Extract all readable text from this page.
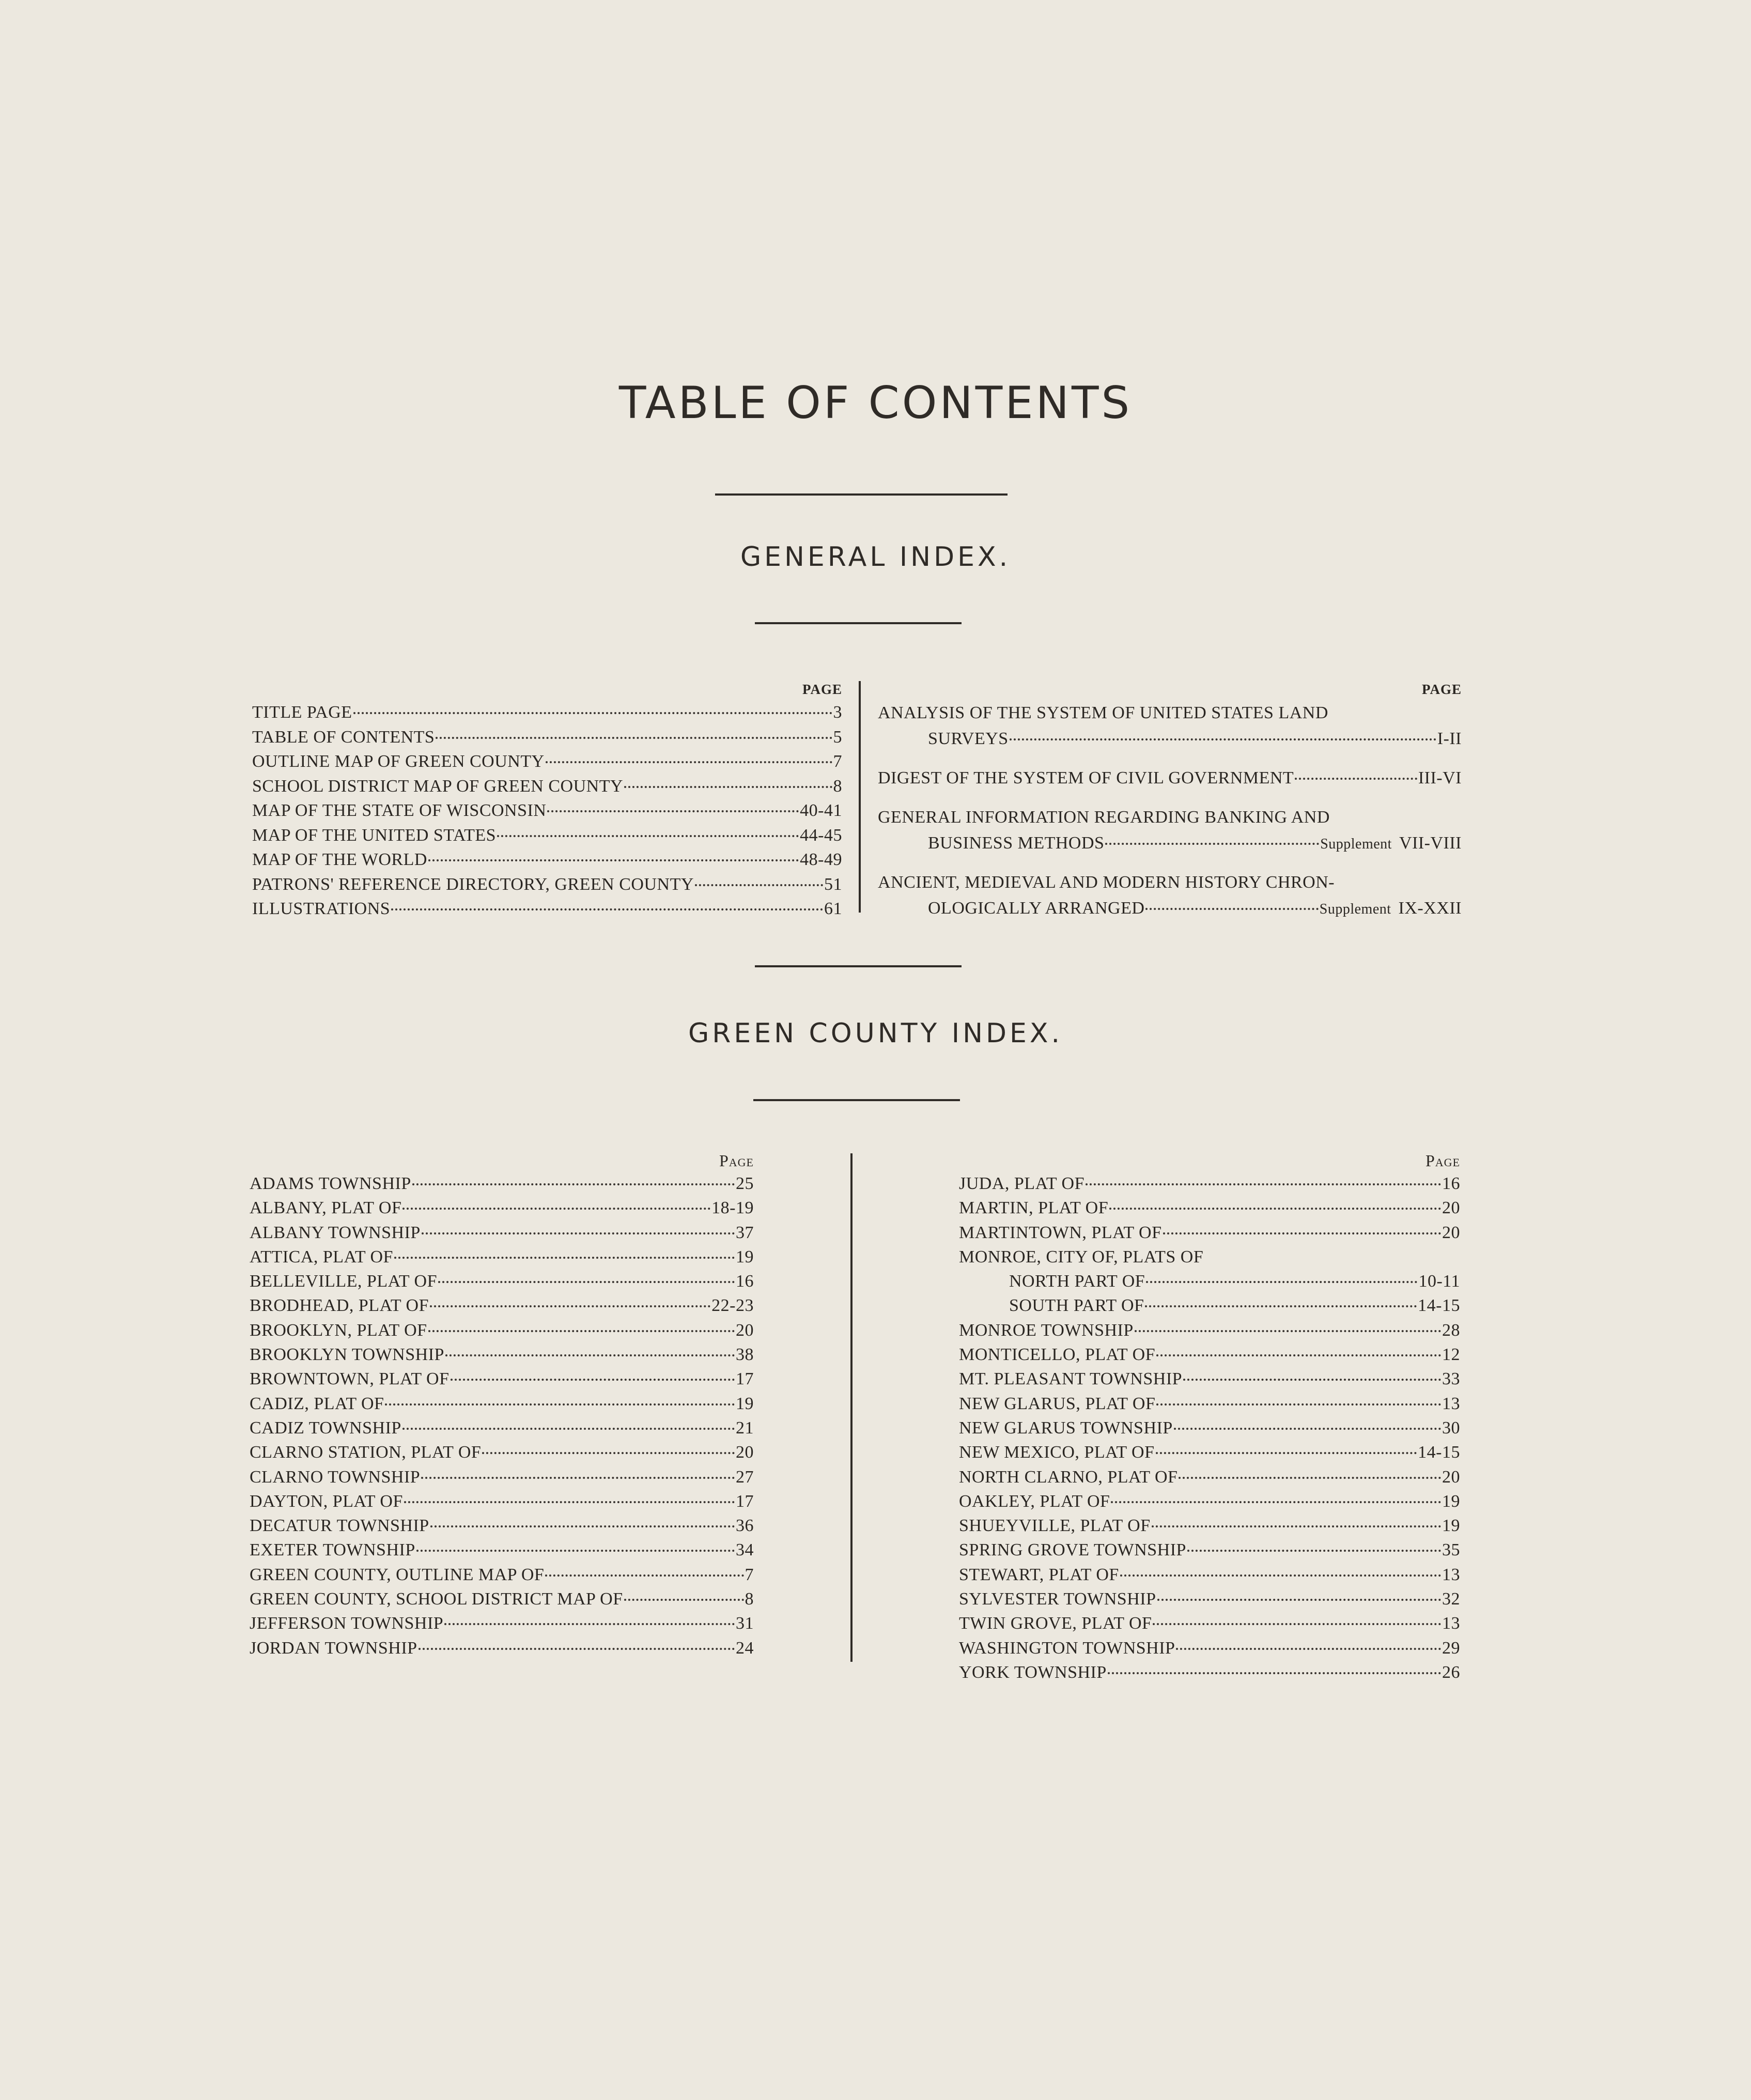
TABLE OF CONTENTS
GENERAL INDEX.
PAGE
TITLE PAGE	3
TABLE OF CONTENTS	5
OUTLINE MAP OF GREEN COUNTY	7
SCHOOL DISTRICT MAP OF GREEN COUNTY	8
MAP OF THE STATE OF WISCONSIN	40-41
MAP OF THE UNITED STATES	44-45
MAP OF THE WORLD	48-49
PATRONS' REFERENCE DIRECTORY, GREEN COUNTY	51
ILLUSTRATIONS	61
PAGE
ANALYSIS OF THE SYSTEM OF UNITED STATES LAND
SURVEYS	I-II
DIGEST OF THE SYSTEM OF CIVIL GOVERNMENT	III-VI
GENERAL INFORMATION REGARDING BANKING AND
BUSINESS METHODS	Supplement VII-VIII
ANCIENT, MEDIEVAL AND MODERN HISTORY CHRON-
OLOGICALLY ARRANGED	Supplement IX-XXII
GREEN COUNTY INDEX.
Page
ADAMS TOWNSHIP	25
ALBANY, PLAT OF	18-19
ALBANY TOWNSHIP	37
ATTICA, PLAT OF	19
BELLEVILLE, PLAT OF	16
BRODHEAD, PLAT OF	22-23
BROOKLYN, PLAT OF	20
BROOKLYN TOWNSHIP	38
BROWNTOWN, PLAT OF	17
CADIZ, PLAT OF	19
CADIZ TOWNSHIP	21
CLARNO STATION, PLAT OF	20
CLARNO TOWNSHIP	27
DAYTON, PLAT OF	17
DECATUR TOWNSHIP	36
EXETER TOWNSHIP	34
GREEN COUNTY, OUTLINE MAP OF	7
GREEN COUNTY, SCHOOL DISTRICT MAP OF	8
JEFFERSON TOWNSHIP	31
JORDAN TOWNSHIP	24
Page
JUDA, PLAT OF	16
MARTIN, PLAT OF	20
MARTINTOWN, PLAT OF	20
MONROE, CITY OF, PLATS OF
NORTH PART OF	10-11
SOUTH PART OF	14-15
MONROE TOWNSHIP	28
MONTICELLO, PLAT OF	12
MT. PLEASANT TOWNSHIP	33
NEW GLARUS, PLAT OF	13
NEW GLARUS TOWNSHIP	30
NEW MEXICO, PLAT OF	14-15
NORTH CLARNO, PLAT OF	20
OAKLEY, PLAT OF	19
SHUEYVILLE, PLAT OF	19
SPRING GROVE TOWNSHIP	35
STEWART, PLAT OF	13
SYLVESTER TOWNSHIP	32
TWIN GROVE, PLAT OF	13
WASHINGTON TOWNSHIP	29
YORK TOWNSHIP	26
